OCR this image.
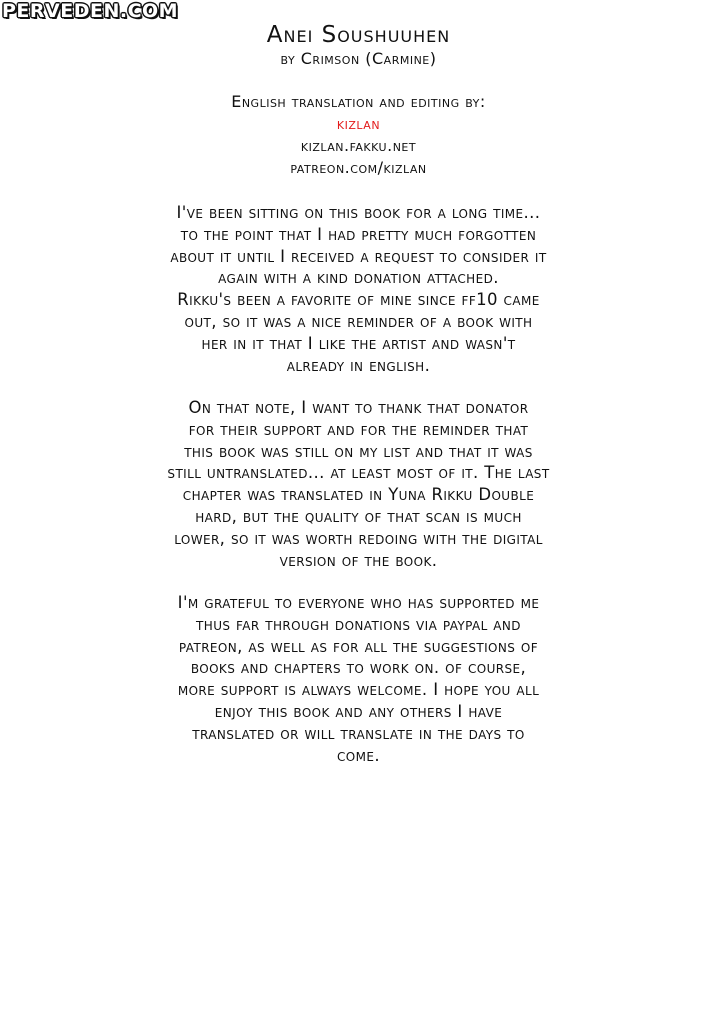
PERVEDEN.COM
Anei Soushuuhen
by Crimson (Carmine)
English translation and editing by:
kizlan
kizlan.fakku.net
patreon.com/kizlan
I've been sitting on this book for a long time...
to the point that I had pretty much forgotten
about it until I received a request to consider it
again with a kind donation attached.
Rikku's been a favorite of mine since ff10 came
out, so it was a nice reminder of a book with
her in it that I like the artist and wasn't
already in english.
On that note, I want to thank that donator
for their support and for the reminder that
this book was still on my list and that it was
still untranslated... at least most of it. The last
chapter was translated in Yuna Rikku Double
hard, but the quality of that scan is much
lower, so it was worth redoing with the digital
version of the book.
I'm grateful to everyone who has supported me
thus far through donations via paypal and
patreon, as well as for all the suggestions of
books and chapters to work on. of course,
more support is always welcome. I hope you all
enjoy this book and any others I have
translated or will translate in the days to
come.
